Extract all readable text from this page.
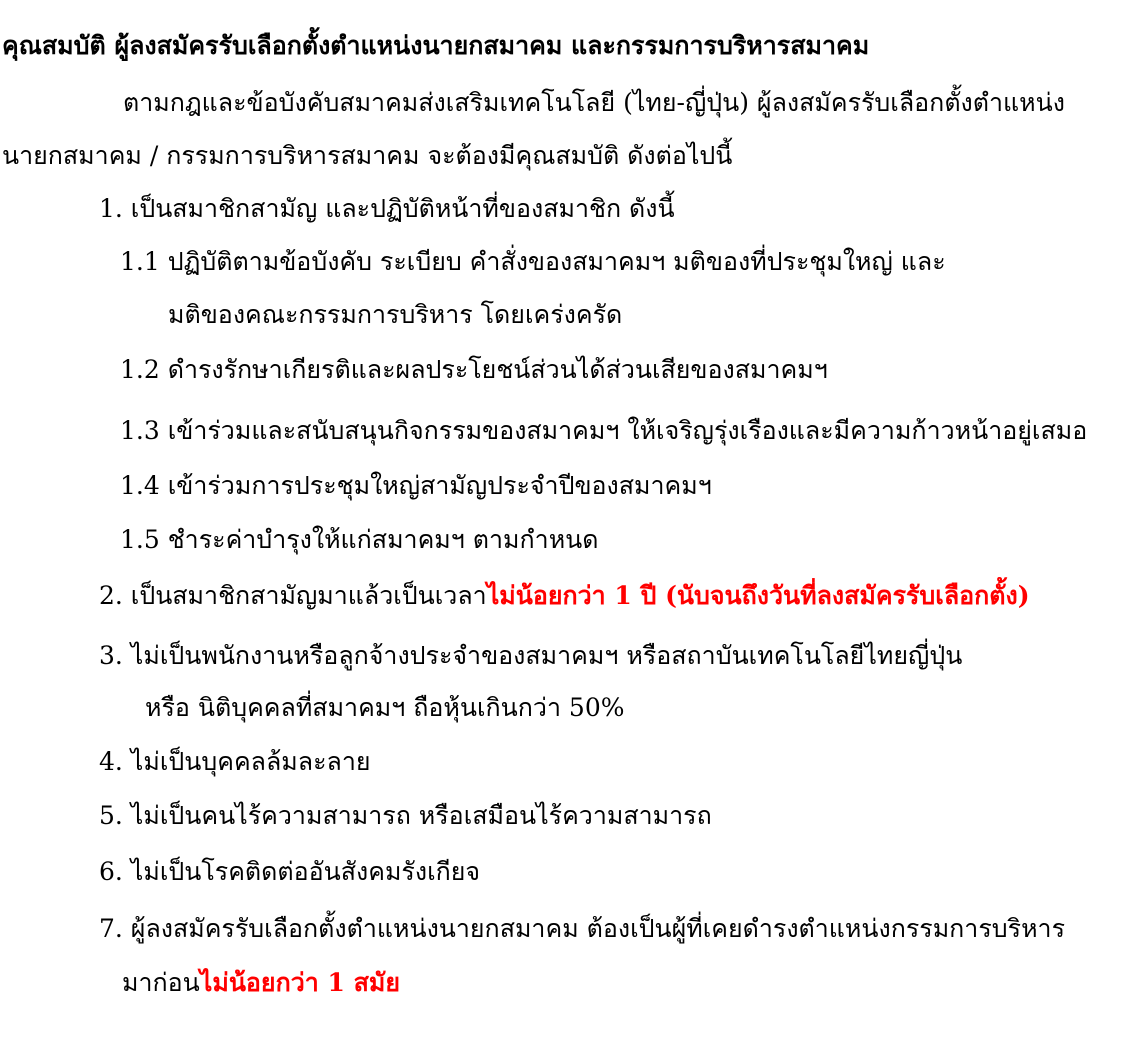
คุณสมบัติ ผู้ลงสมัครรับเลือกตั้งตำแหน่งนายกสมาคม และกรรมการบริหารสมาคม
ตามกฎและข้อบังคับสมาคมส่งเสริมเทคโนโลยี (ไทย-ญี่ปุ่น) ผู้ลงสมัครรับเลือกตั้งตำแหน่ง
นายกสมาคม / กรรมการบริหารสมาคม จะต้องมีคุณสมบัติ ดังต่อไปนี้
1. เป็นสมาชิกสามัญ และปฏิบัติหน้าที่ของสมาชิก ดังนี้
1.1 ปฏิบัติตามข้อบังคับ ระเบียบ คำสั่งของสมาคมฯ มติของที่ประชุมใหญ่ และ
มติของคณะกรรมการบริหาร โดยเคร่งครัด
1.2 ดำรงรักษาเกียรติและผลประโยชน์ส่วนได้ส่วนเสียของสมาคมฯ
1.3 เข้าร่วมและสนับสนุนกิจกรรมของสมาคมฯ ให้เจริญรุ่งเรืองและมีความก้าวหน้าอยู่เสมอ
1.4 เข้าร่วมการประชุมใหญ่สามัญประจำปีของสมาคมฯ
1.5 ชำระค่าบำรุงให้แก่สมาคมฯ ตามกำหนด
2. เป็นสมาชิกสามัญมาแล้วเป็นเวลาไม่น้อยกว่า 1 ปี (นับจนถึงวันที่ลงสมัครรับเลือกตั้ง)
3. ไม่เป็นพนักงานหรือลูกจ้างประจำของสมาคมฯ หรือสถาบันเทคโนโลยีไทยญี่ปุ่น
หรือ นิติบุคคลที่สมาคมฯ ถือหุ้นเกินกว่า 50%
4. ไม่เป็นบุคคลล้มละลาย
5. ไม่เป็นคนไร้ความสามารถ หรือเสมือนไร้ความสามารถ
6. ไม่เป็นโรคติดต่ออันสังคมรังเกียจ
7. ผู้ลงสมัครรับเลือกตั้งตำแหน่งนายกสมาคม ต้องเป็นผู้ที่เคยดำรงตำแหน่งกรรมการบริหาร
มาก่อนไม่น้อยกว่า 1 สมัย
